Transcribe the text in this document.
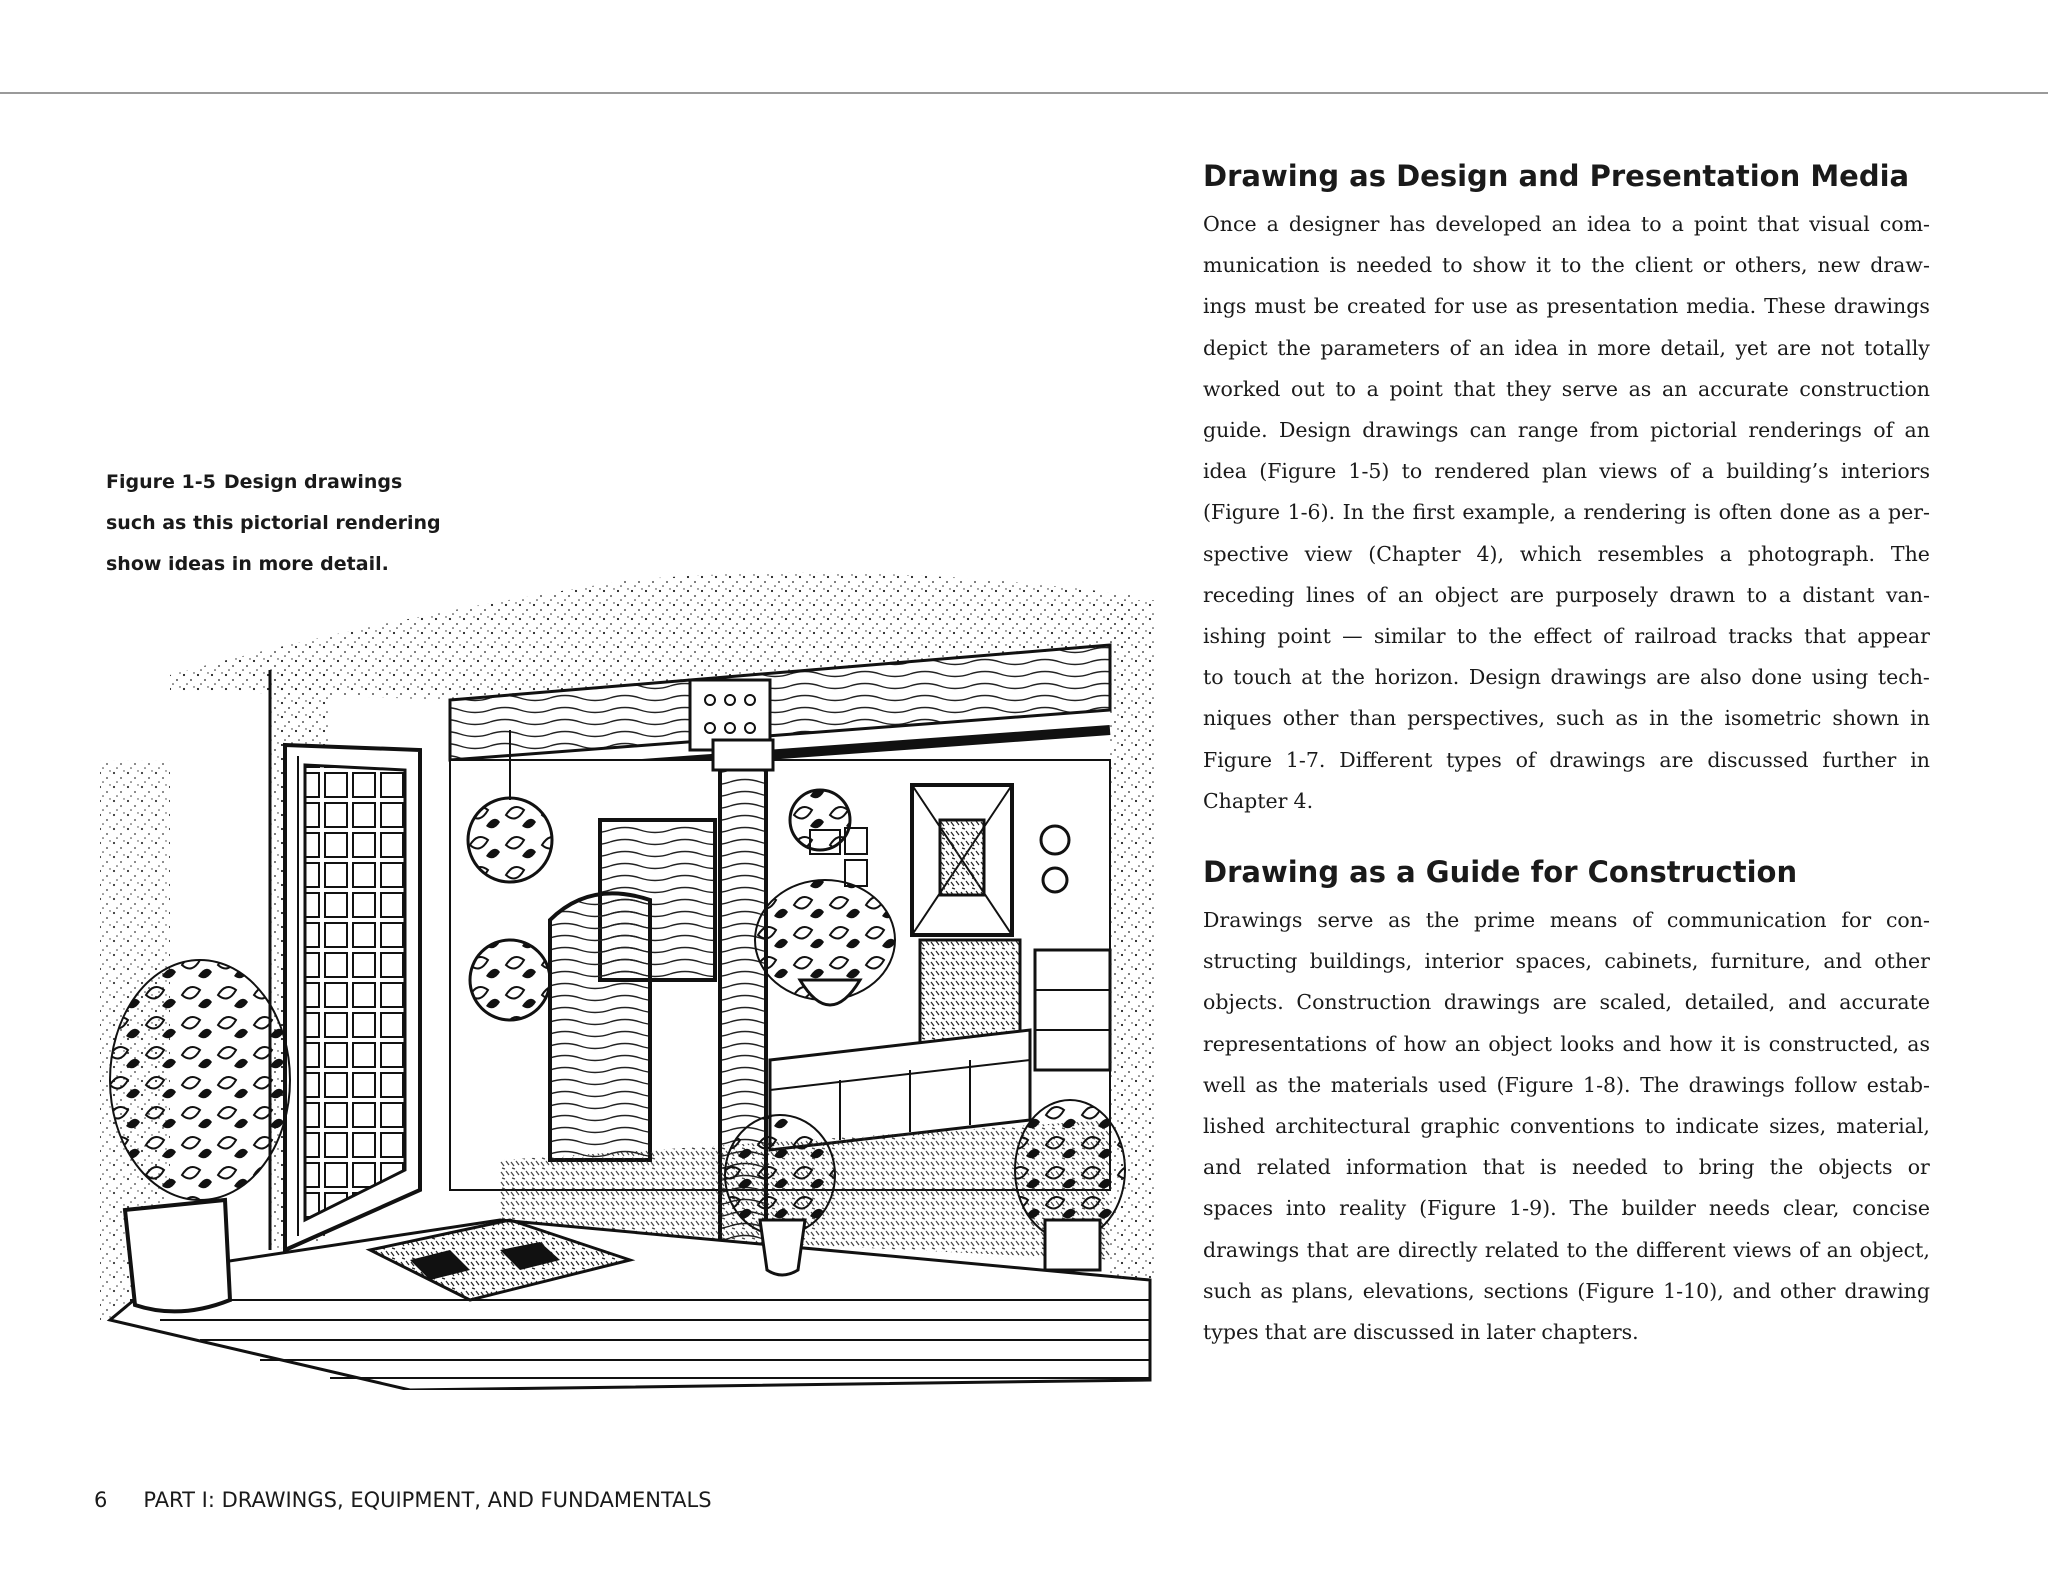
Figure 1-5 Design drawings
such as this pictorial rendering
show ideas in more detail.
Drawing as Design and Presentation Media
Once a designer has developed an idea to a point that visual com-
munication is needed to show it to the client or others, new draw-
ings must be created for use as presentation media. These drawings
depict the parameters of an idea in more detail, yet are not totally
worked out to a point that they serve as an accurate construction
guide. Design drawings can range from pictorial renderings of an
idea (Figure 1-5) to rendered plan views of a building’s interiors
(Figure 1-6). In the first example, a rendering is often done as a per-
spective view (Chapter 4), which resembles a photograph. The
receding lines of an object are purposely drawn to a distant van-
ishing point — similar to the effect of railroad tracks that appear
to touch at the horizon. Design drawings are also done using tech-
niques other than perspectives, such as in the isometric shown in
Figure 1-7. Different types of drawings are discussed further in
Chapter 4.
Drawing as a Guide for Construction
Drawings serve as the prime means of communication for con-
structing buildings, interior spaces, cabinets, furniture, and other
objects. Construction drawings are scaled, detailed, and accurate
representations of how an object looks and how it is constructed, as
well as the materials used (Figure 1-8). The drawings follow estab-
lished architectural graphic conventions to indicate sizes, material,
and related information that is needed to bring the objects or
spaces into reality (Figure 1-9). The builder needs clear, concise
drawings that are directly related to the different views of an object,
such as plans, elevations, sections (Figure 1-10), and other drawing
types that are discussed in later chapters.
6 PART I: DRAWINGS, EQUIPMENT, AND FUNDAMENTALS
